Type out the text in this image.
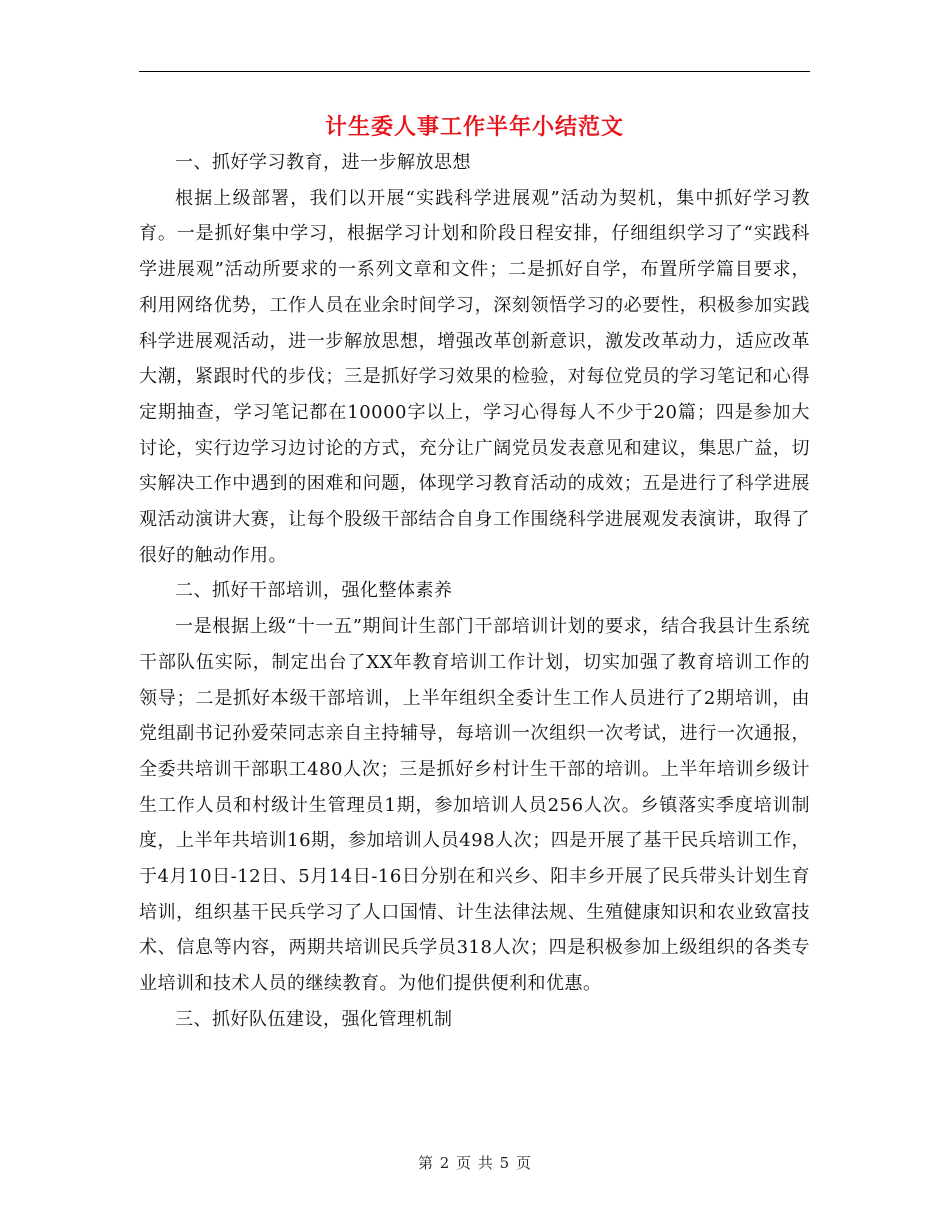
计生委人事工作半年小结范文

一、抓好学习教育，进一步解放思想

根据上级部署，我们以开展“实践科学进展观”活动为契机，集中抓好学习教育。一是抓好集中学习，根据学习计划和阶段日程安排，仔细组织学习了“实践科学进展观”活动所要求的一系列文章和文件；二是抓好自学，布置所学篇目要求，利用网络优势，工作人员在业余时间学习，深刻领悟学习的必要性，积极参加实践科学进展观活动，进一步解放思想，增强改革创新意识，激发改革动力，适应改革大潮，紧跟时代的步伐；三是抓好学习效果的检验，对每位党员的学习笔记和心得定期抽查，学习笔记都在10000字以上，学习心得每人不少于20篇；四是参加大讨论，实行边学习边讨论的方式，充分让广阔党员发表意见和建议，集思广益，切实解决工作中遇到的困难和问题，体现学习教育活动的成效；五是进行了科学进展观活动演讲大赛，让每个股级干部结合自身工作围绕科学进展观发表演讲，取得了很好的触动作用。

二、抓好干部培训，强化整体素养

一是根据上级“十一五”期间计生部门干部培训计划的要求，结合我县计生系统干部队伍实际，制定出台了XX年教育培训工作计划，切实加强了教育培训工作的领导；二是抓好本级干部培训，上半年组织全委计生工作人员进行了2期培训，由党组副书记孙爱荣同志亲自主持辅导，每培训一次组织一次考试，进行一次通报，全委共培训干部职工480人次；三是抓好乡村计生干部的培训。上半年培训乡级计生工作人员和村级计生管理员1期，参加培训人员256人次。乡镇落实季度培训制度，上半年共培训16期，参加培训人员498人次；四是开展了基干民兵培训工作，于4月10日-12日、5月14日-16日分别在和兴乡、阳丰乡开展了民兵带头计划生育培训，组织基干民兵学习了人口国情、计生法律法规、生殖健康知识和农业致富技术、信息等内容，两期共培训民兵学员318人次；四是积极参加上级组织的各类专业培训和技术人员的继续教育。为他们提供便利和优惠。

三、抓好队伍建设，强化管理机制

第 2 页 共 5 页
